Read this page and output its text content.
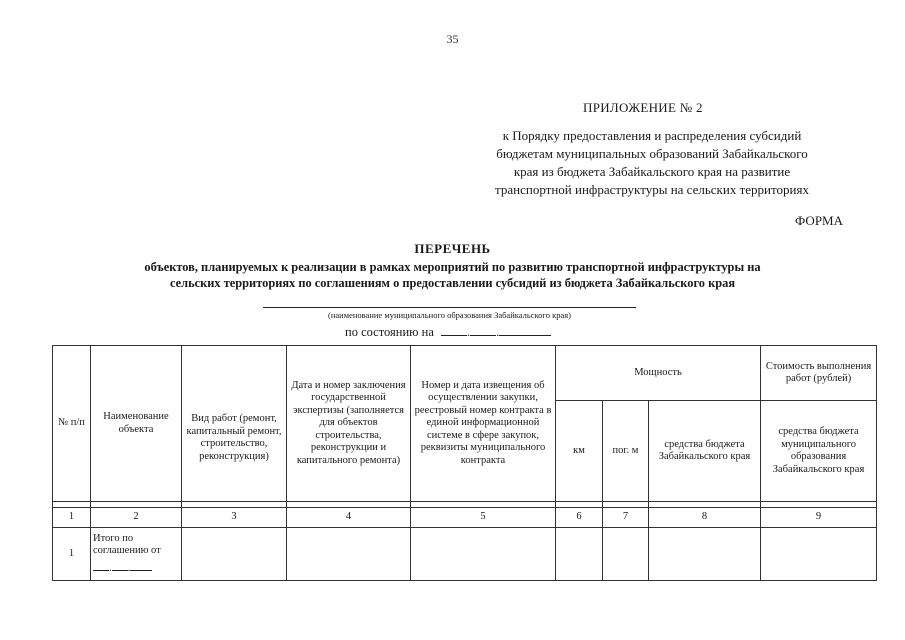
35
ПРИЛОЖЕНИЕ № 2
к Порядку предоставления и распределения субсидий
бюджетам муниципальных образований Забайкальского
края из бюджета Забайкальского края на развитие
транспортной инфраструктуры на сельских территориях
ФОРМА
ПЕРЕЧЕНЬ
объектов, планируемых к реализации в рамках мероприятий по развитию транспортной инфраструктуры на
сельских территориях по соглашениям о предоставлении субсидий из бюджета Забайкальского края
(наименование муниципального образования Забайкальского края)
по состоянию на	. .
№ п/п	Наименование объекта	Вид работ (ремонт, капитальный ремонт, строительство, реконструкция)	Дата и номер заключения государственной экспертизы (заполняется для объектов строительства, реконструкции и капитального ремонта)	Номер и дата извещения об осуществлении закупки, реестровый номер контракта в единой информационной системе в сфере закупок, реквизиты муниципального контракта	Мощность			Стоимость выполнения работ (рублей)
					км	пог. м	средства бюджета Забайкальского края	средства бюджета муниципального образования Забайкальского края

1	2	3	4	5	6	7	8	9
1	Итого по соглашению от . .							
